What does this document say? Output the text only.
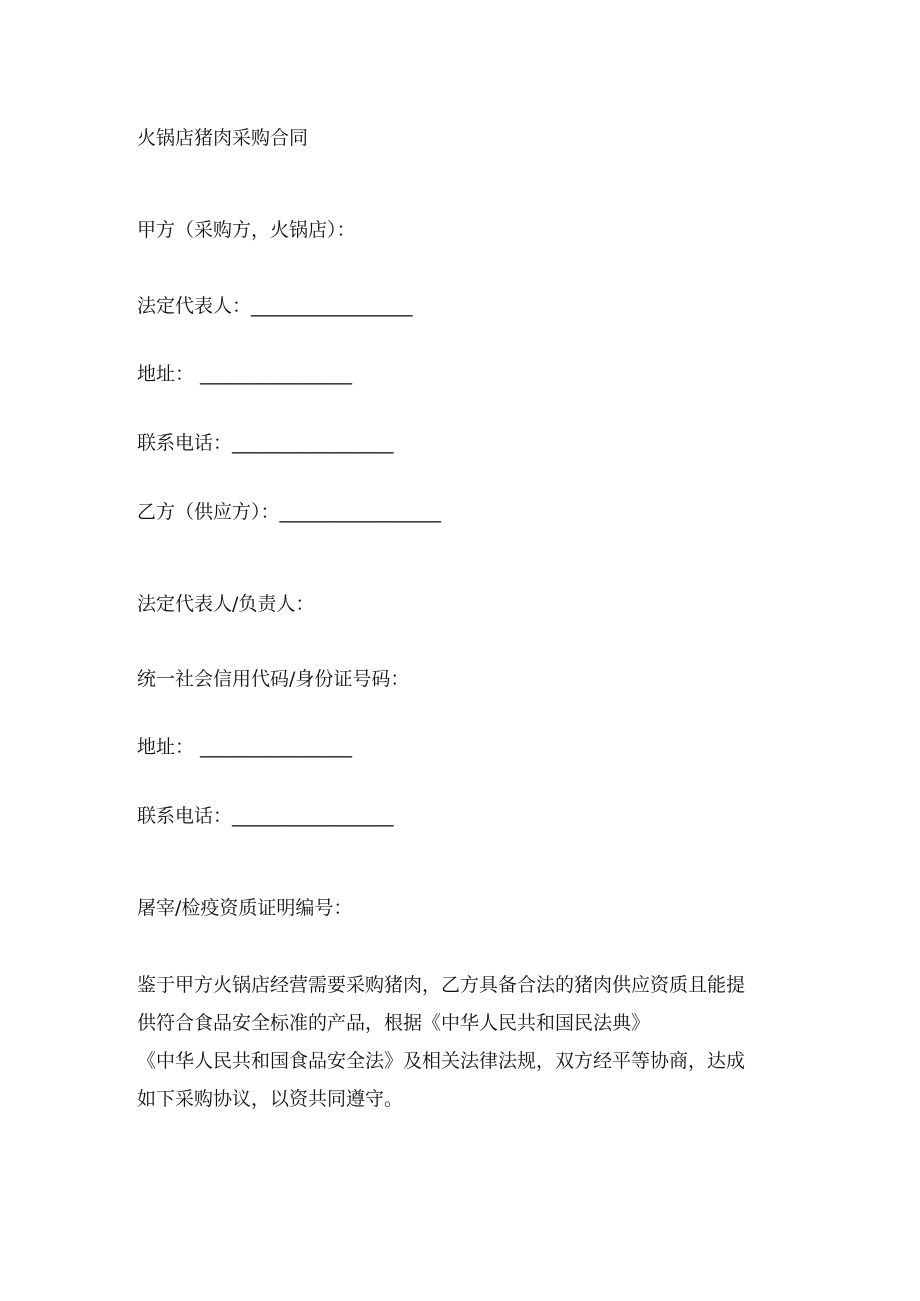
火锅店猪肉采购合同
甲方（采购方，火锅店）：
法定代表人：_________________
地址： ________________
联系电话：_________________
乙方（供应方）：_________________
法定代表人/负责人：
统一社会信用代码/身份证号码：
地址： ________________
联系电话：_________________
屠宰/检疫资质证明编号：

鉴于甲方火锅店经营需要采购猪肉，乙方具备合法的猪肉供应资质且能提

供符合食品安全标准的产品，根据《中华人民共和国民法典》

《中华人民共和国食品安全法》及相关法律法规，双方经平等协商，达成

如下采购协议，以资共同遵守。
